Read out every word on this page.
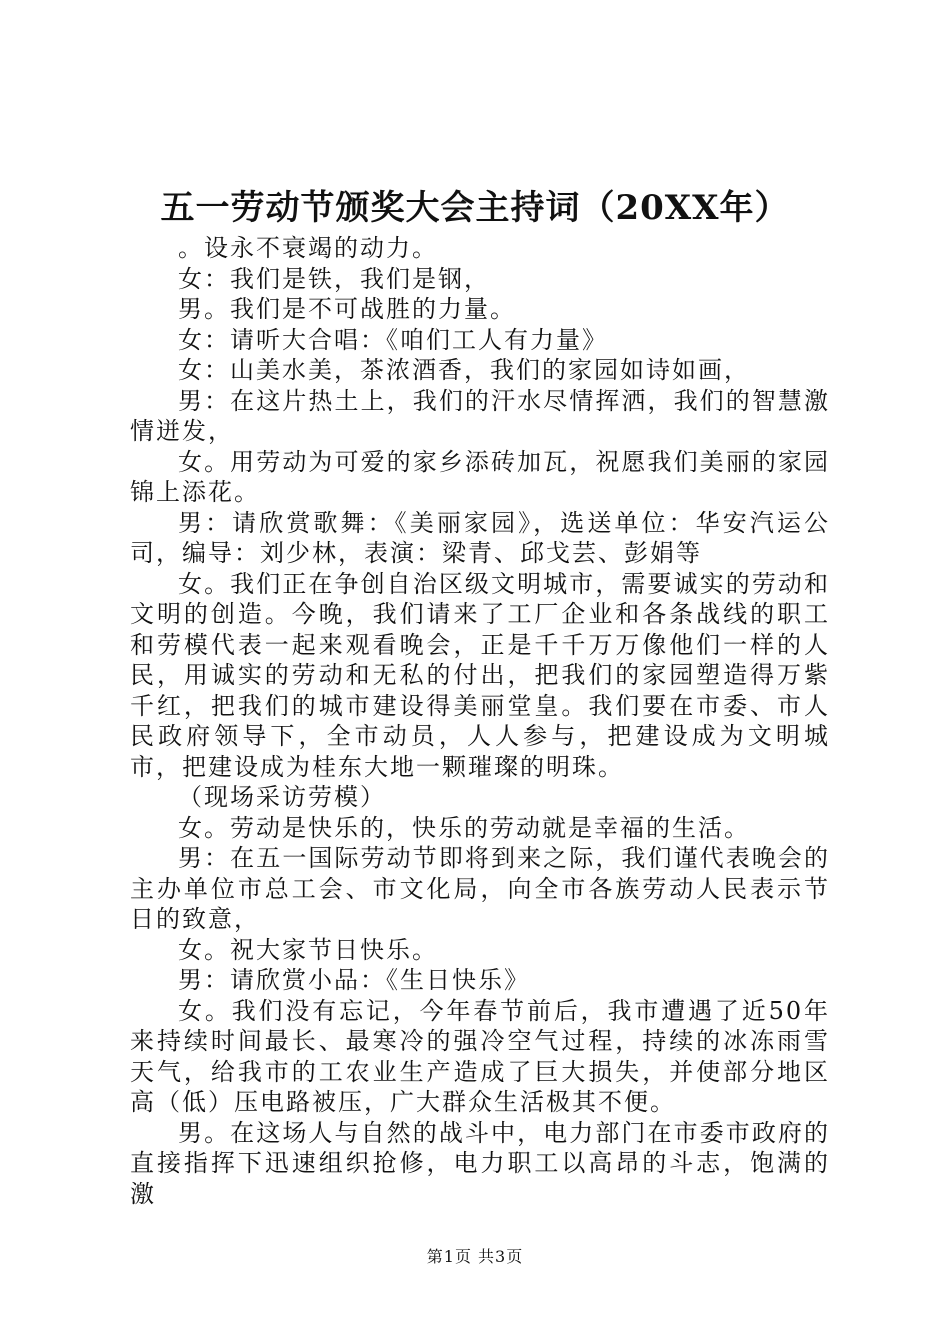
五一劳动节颁奖大会主持词（20XX年）

。设永不衰竭的动力。

女：我们是铁，我们是钢，

男。我们是不可战胜的力量。

女：请听大合唱：《咱们工人有力量》

女：山美水美，茶浓酒香，我们的家园如诗如画，

男：在这片热土上，我们的汗水尽情挥洒，我们的智慧激情迸发，

女。用劳动为可爱的家乡添砖加瓦，祝愿我们美丽的家园锦上添花。

男：请欣赏歌舞：《美丽家园》，选送单位：华安汽运公司，编导：刘少林，表演：梁青、邱戈芸、彭娟等

女。我们正在争创自治区级文明城市，需要诚实的劳动和文明的创造。今晚，我们请来了工厂企业和各条战线的职工和劳模代表一起来观看晚会，正是千千万万像他们一样的人民，用诚实的劳动和无私的付出，把我们的家园塑造得万紫千红，把我们的城市建设得美丽堂皇。我们要在市委、市人民政府领导下，全市动员，人人参与，把建设成为文明城市，把建设成为桂东大地一颗璀璨的明珠。

（现场采访劳模）

女。劳动是快乐的，快乐的劳动就是幸福的生活。

男：在五一国际劳动节即将到来之际，我们谨代表晚会的主办单位市总工会、市文化局，向全市各族劳动人民表示节日的致意，

女。祝大家节日快乐。

男：请欣赏小品：《生日快乐》

女。我们没有忘记，今年春节前后，我市遭遇了近50年来持续时间最长、最寒冷的强冷空气过程，持续的冰冻雨雪天气，给我市的工农业生产造成了巨大损失，并使部分地区高（低）压电路被压，广大群众生活极其不便。

男。在这场人与自然的战斗中，电力部门在市委市政府的直接指挥下迅速组织抢修，电力职工以高昂的斗志，饱满的激

第1页 共3页
